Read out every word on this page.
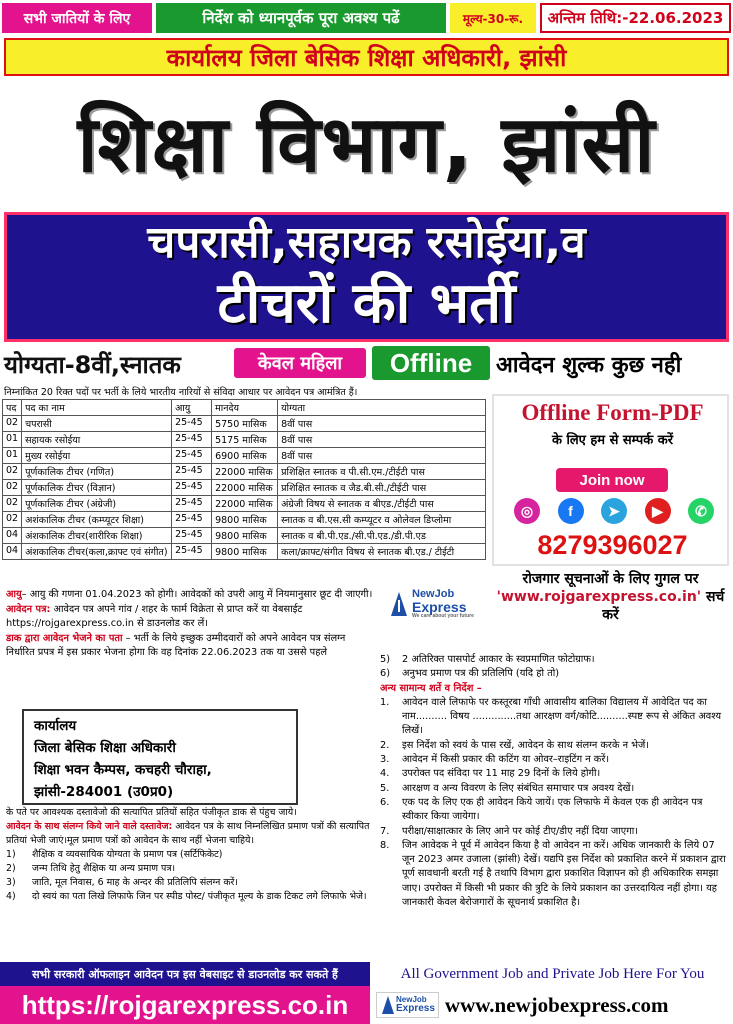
सभी जातियों के लिए	निर्देश को ध्यानपूर्वक पूरा अवश्य पढें	मूल्य-30-रू.	अन्तिम तिथि:-22.06.2023
कार्यालय जिला बेसिक शिक्षा अधिकारी, झांसी
शिक्षा विभाग, झांसी
चपरासी,सहायक रसोईया,व
टीचरों की भर्ती
योग्यता-8वीं,स्नातक	केवल महिला	Offline	आवेदन शुल्क कुछ नही
निम्नांकित 20 रिक्त पदों पर भर्ती के लिये भारतीय नारियों से संविदा आधार पर आवेदन पत्र आमंत्रित हैं।
पद	पद का नाम	आयु	मानदेय	योग्यता
02	चपरासी	25-45	5750 मासिक	8वीं पास
01	सहायक रसोईया	25-45	5175 मासिक	8वीं पास
01	मुख्य रसोईया	25-45	6900 मासिक	8वीं पास
02	पूर्णकालिक टीचर (गणित)	25-45	22000 मासिक	प्रशिक्षित स्नातक व पी.सी.एम./टीईटी पास
02	पूर्णकालिक टीचर (विज्ञान)	25-45	22000 मासिक	प्रशिक्षित स्नातक व जैड.बी.सी./टीईटी पास
02	पूर्णकालिक टीचर (अंग्रेजी)	25-45	22000 मासिक	अंग्रेजी विषय से स्नातक व बीएड./टीईटी पास
02	अशंकालिक टीचर (कम्प्यूटर शिक्षा)	25-45	9800 मासिक	स्नातक व बी.एस.सी कम्प्यूटर व ओलेवल डिप्लोमा
04	अंशकालिक टीचर(शारीरिक शिक्षा)	25-45	9800 मासिक	स्नातक व बी.पी.एड./सी.पी.एड./डी.पी.एड
04	अंशकालिक टीचर(कला,क्राफ्ट एवं संगीत)	25-45	9800 मासिक	कला/क्राफ्ट/संगीत विषय से स्नातक बी.एड./ टीईटी
Offline Form-PDF
के लिए हम से सम्पर्क करें
Join now
◎	f	➤	▶	✆
8279396027
रोजगार सूचनाओं के लिए गुगल पर
'www.rojgarexpress.co.in' सर्च करें
NewJob
Express
We care about your future

आयु– आयु की गणना 01.04.2023 को होगी। आवेदकों को उपरी आयु में नियमानुसार छूट दी जाएगी।

आवेदन पत्र: आवेदन पत्र अपने गांव / शहर के फार्म विक्रेता से प्राप्त करें या वेबसाईट https://rojgarexpress.co.in से डाउनलोड कर लें।

डाक द्वारा आवेदन भेजने का पता – भर्ती के लिये इच्छुक उम्मीदवारों को अपने आवेदन पत्र संलग्न निर्धारित प्रपत्र में इस प्रकार भेजना होगा कि वह दिनांक 22.06.2023 तक या उससे पहले

कार्यालय
जिला बेसिक शिक्षा अधिकारी
शिक्षा भवन कैम्पस, कचहरी चौराहा,
झांसी-284001 (उ0प्र0)

के पते पर आवश्यक दस्तावेजो की सत्यापित प्रतियों सहित पंजीकृत डाक से पंहुच जाये।

आवेदन के साथ संलग्न किये जाने वाले दस्तावेज: आवेदन पत्र के साथ निम्नलिखित प्रमाण पत्रों की सत्यापित प्रतियां भेजी जाएं।मूल प्रमाण पत्रों को आवेदन के साथ नहीं भेजना चाहिये।

1)	शैक्षिक व व्यवसायिक योग्यता के प्रमाण पत्र (सर्टिफिकेट)
2)	जन्म तिथि हेतु शैक्षिक या अन्य प्रमाण पत्र।
3)	जाति, मूल निवास, 6 माह के अन्दर की प्रतिलिपि संलग्न करें।
4)	दो स्वयं का पता लिखे लिफाफे जिन पर स्पीड पोस्ट/ पंजीकृत मूल्य के डाक टिकट लगे लिफाफे भेजे।
5)	2 अतिरिक्त पासपोर्ट आकार के स्वप्रमाणित फोटोग्राफ।
6)	अनुभव प्रमाण पत्र की प्रतिलिपि (यदि हो तो)
अन्य सामान्य शर्ते व निर्देश –
1.	आवेदन वाले लिफाफे पर कस्तूरबा गाँधी आवासीय बालिका विद्यालय में आवेदित पद का नाम.......... विषय ..............तथा आरक्षण वर्ग/कोटि..........स्पष्ट रूप से अंकित अवश्य लिखें।
2.	इस निर्देश को स्वयं के पास रखें, आवेदन के साथ संलग्न करके न भेजें।
3.	आवेदन में किसी प्रकार की कटिंग या ओवर–राइटिंग न करें।
4.	उपरोक्त पद संविदा पर 11 माह 29 दिनों के लिये होगी।
5.	आरक्षण व अन्य विवरण के लिए संबंधित समाचार पत्र अवश्य देखें।
6.	एक पद के लिए एक ही आवेदन किये जायें। एक लिफाफे में केवल एक ही आवेदन पत्र स्वीकार किया जायेगा।
7.	परीक्षा/साक्षात्कार के लिए आने पर कोई टीए/डीए नहीं दिया जाएगा।
8.	जिन आवेदक ने पूर्व में आवेदन किया है वो आवेदन ना करें। अधिक जानकारी के लिये 07 जून 2023 अमर उजाला (झांसी) देखें। यद्यपि इस निर्देश को प्रकाशित करने में प्रकाशन द्वारा पूर्ण सावधानी बरती गई है तथापि विभाग द्वारा प्रकाशित विज्ञापन को ही अधिकारिक समझा जाए। उपरोक्त में किसी भी प्रकार की त्रुटि के लिये प्रकाशन का उत्तरदायित्व नहीं होगा। यह जानकारी केवल बेरोजगारों के सूचनार्थ प्रकाशित है।
सभी सरकारी ऑफलाइन आवेदन पत्र इस वेबसाइट से डाउनलोड कर सकते हैं
https://rojgarexpress.co.in
All Government Job and Private Job Here For You
NewJob
Express www.newjobexpress.com
